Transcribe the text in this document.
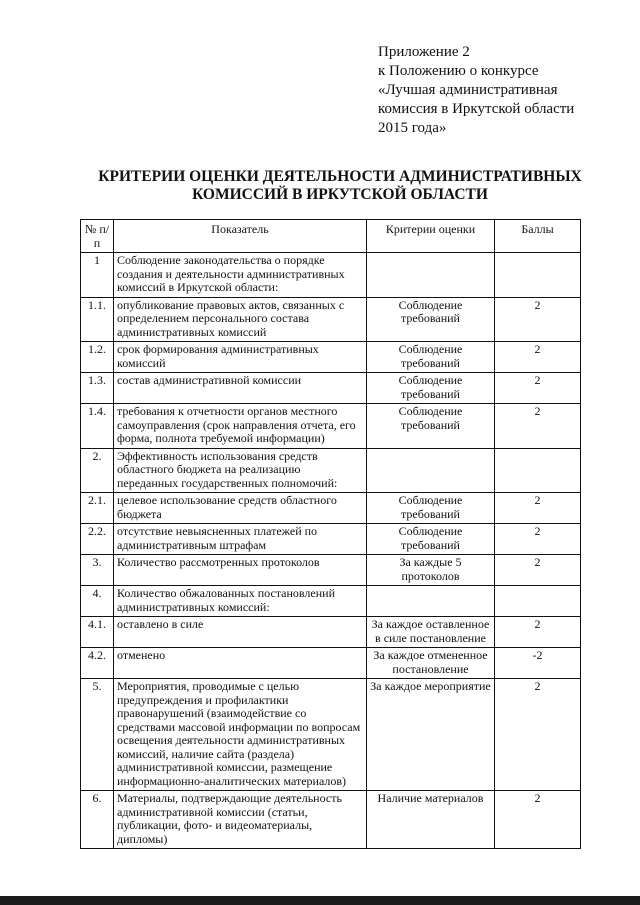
Приложение 2
к Положению о конкурсе
«Лучшая административная
комиссия в Иркутской области
2015 года»
КРИТЕРИИ ОЦЕНКИ ДЕЯТЕЛЬНОСТИ АДМИНИСТРАТИВНЫХ
КОМИССИЙ В ИРКУТСКОЙ ОБЛАСТИ
№ п/п	Показатель	Критерии оценки	Баллы
1	Соблюдение законодательства о порядке создания и деятельности административных комиссий в Иркутской области:		
1.1.	опубликование правовых актов, связанных с определением персонального состава административных комиссий	Соблюдение требований	2
1.2.	срок формирования административных комиссий	Соблюдение требований	2
1.3.	состав административной комиссии	Соблюдение требований	2
1.4.	требования к отчетности органов местного самоуправления (срок направления отчета, его форма, полнота требуемой информации)	Соблюдение требований	2
2.	Эффективность использования средств областного бюджета на реализацию переданных государственных полномочий:		
2.1.	целевое использование средств областного бюджета	Соблюдение требований	2
2.2.	отсутствие невыясненных платежей по административным штрафам	Соблюдение требований	2
3.	Количество рассмотренных протоколов	За каждые 5 протоколов	2
4.	Количество обжалованных постановлений административных комиссий:		
4.1.	оставлено в силе	За каждое оставленное в силе постановление	2
4.2.	отменено	За каждое отмененное постановление	-2
5.	Мероприятия, проводимые с целью предупреждения и профилактики правонарушений (взаимодействие со средствами массовой информации по вопросам освещения деятельности административных комиссий, наличие сайта (раздела) административной комиссии, размещение информационно-аналитических материалов)	За каждое мероприятие	2
6.	Материалы, подтверждающие деятельность административной комиссии (статьи, публикации, фото- и видеоматериалы, дипломы)	Наличие материалов	2
